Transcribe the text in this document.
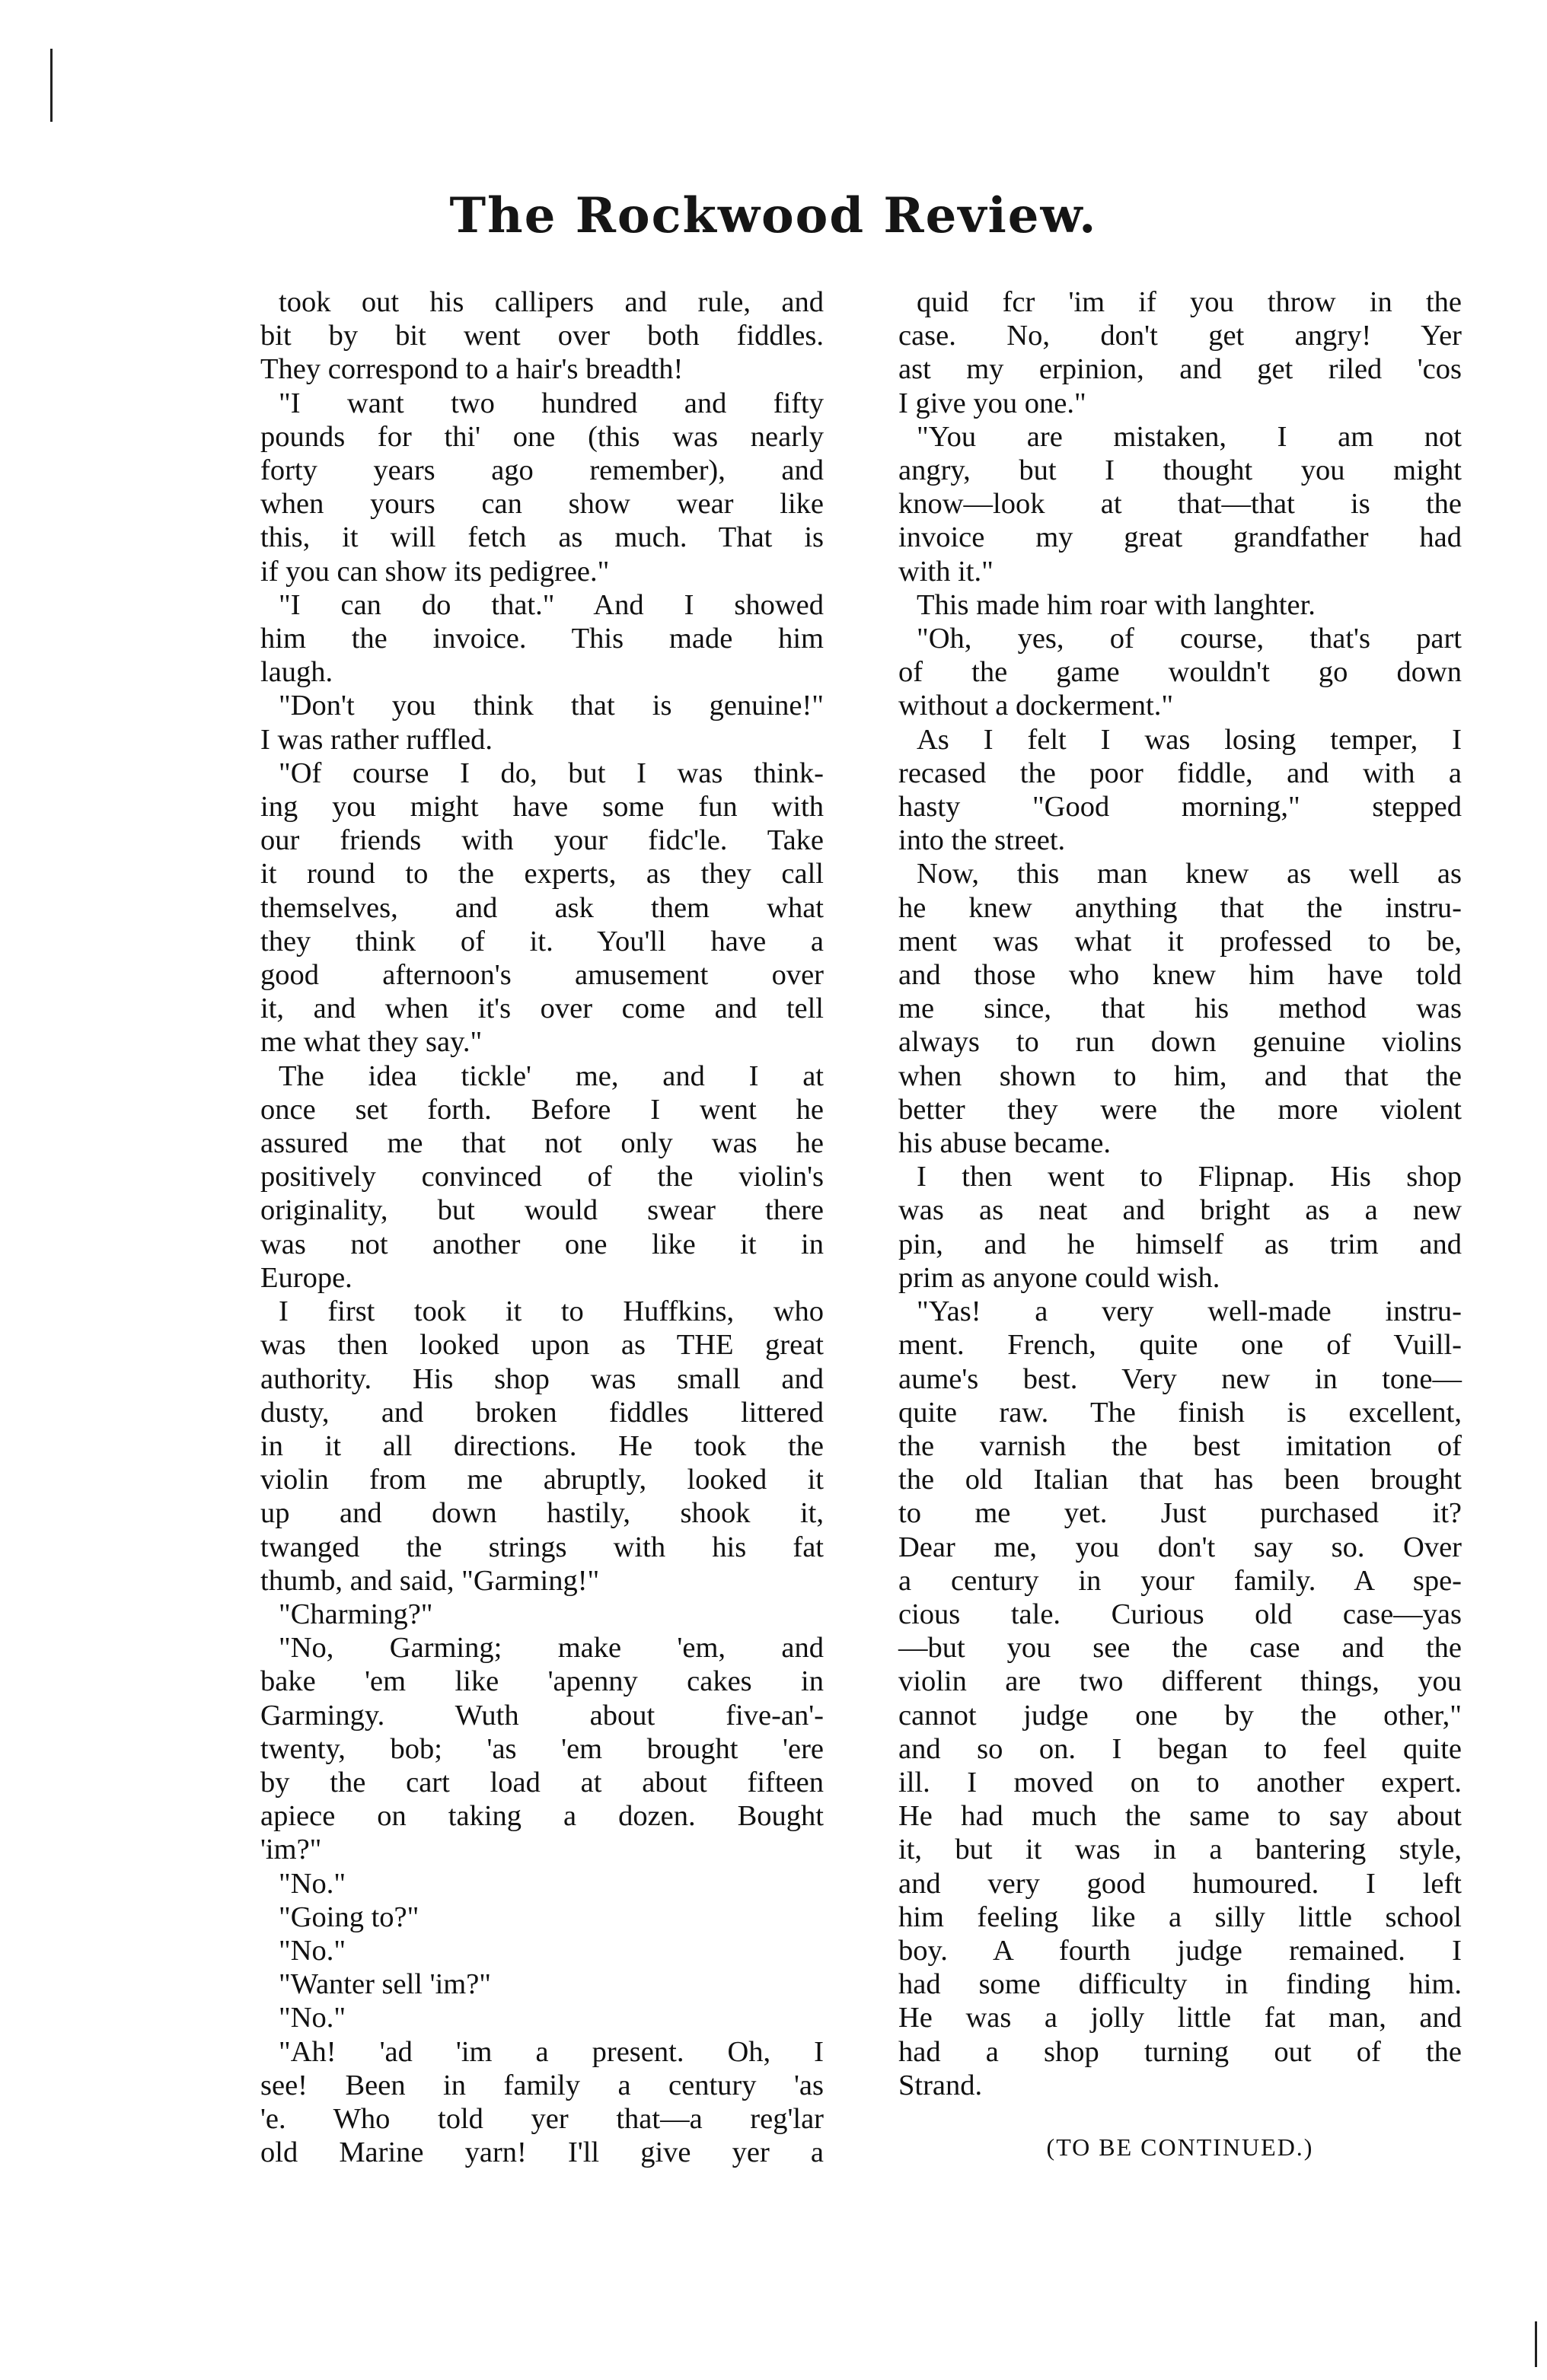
The Rockwood Review.

took out his callipers and rule, and
bit by bit went over both fiddles.
They correspond to a hair's breadth!

"I want two hundred and fifty
pounds for thi' one (this was nearly
forty years ago remember), and
when yours can show wear like
this, it will fetch as much. That is
if you can show its pedigree."

"I can do that." And I showed
him the invoice. This made him
laugh.

"Don't you think that is genuine!"
I was rather ruffled.

"Of course I do, but I was think-
ing you might have some fun with
our friends with your fidc'le. Take
it round to the experts, as they call
themselves, and ask them what
they think of it. You'll have a
good afternoon's amusement over
it, and when it's over come and tell
me what they say."

The idea tickle' me, and I at
once set forth. Before I went he
assured me that not only was he
positively convinced of the violin's
originality, but would swear there
was not another one like it in
Europe.

I first took it to Huffkins, who
was then looked upon as THE great
authority. His shop was small and
dusty, and broken fiddles littered
in it all directions. He took the
violin from me abruptly, looked it
up and down hastily, shook it,
twanged the strings with his fat
thumb, and said, "Garming!"

"Charming?"

"No, Garming; make 'em, and
bake 'em like 'apenny cakes in
Garmingy. Wuth about five-an'-
twenty, bob; 'as 'em brought 'ere
by the cart load at about fifteen
apiece on taking a dozen. Bought
'im?"

"No."

"Going to?"

"No."

"Wanter sell 'im?"

"No."

"Ah! 'ad 'im a present. Oh, I
see! Been in family a century 'as
'e. Who told yer that—a reg'lar
old Marine yarn! I'll give yer a

quid fcr 'im if you throw in the
case. No, don't get angry! Yer
ast my erpinion, and get riled 'cos
I give you one."

"You are mistaken, I am not
angry, but I thought you might
know—look at that—that is the
invoice my great grandfather had
with it."

This made him roar with langhter.

"Oh, yes, of course, that's part
of the game wouldn't go down
without a dockerment."

As I felt I was losing temper, I
recased the poor fiddle, and with a
hasty "Good morning," stepped
into the street.

Now, this man knew as well as
he knew anything that the instru-
ment was what it professed to be,
and those who knew him have told
me since, that his method was
always to run down genuine violins
when shown to him, and that the
better they were the more violent
his abuse became.

I then went to Flipnap. His shop
was as neat and bright as a new
pin, and he himself as trim and
prim as anyone could wish.

"Yas! a very well-made instru-
ment. French, quite one of Vuill-
aume's best. Very new in tone—
quite raw. The finish is excellent,
the varnish the best imitation of
the old Italian that has been brought
to me yet. Just purchased it?
Dear me, you don't say so. Over
a century in your family. A spe-
cious tale. Curious old case—yas
—but you see the case and the
violin are two different things, you
cannot judge one by the other,"
and so on. I began to feel quite
ill. I moved on to another expert.
He had much the same to say about
it, but it was in a bantering style,
and very good humoured. I left
him feeling like a silly little school
boy. A fourth judge remained. I
had some difficulty in finding him.
He was a jolly little fat man, and
had a shop turning out of the
Strand.

(TO BE CONTINUED.)
